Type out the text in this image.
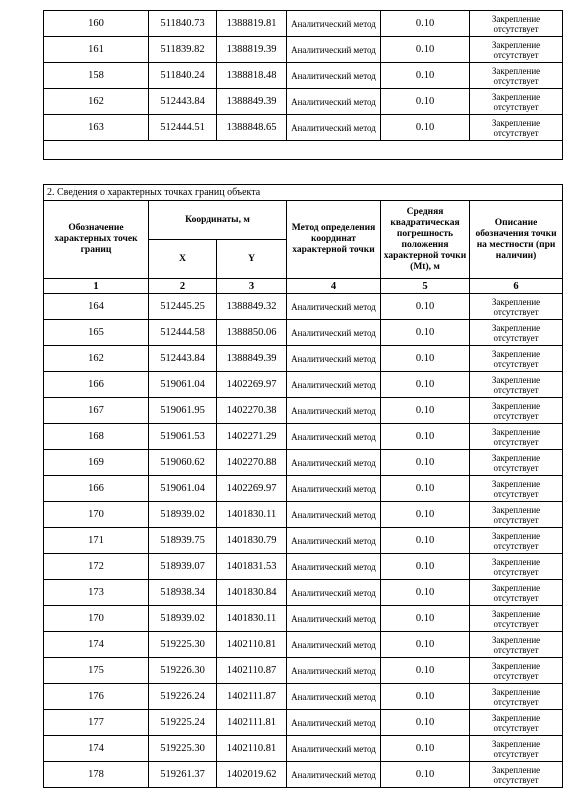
160	511840.73	1388819.81	Аналитический метод	0.10	Закрепление отсутствует
161	511839.82	1388819.39	Аналитический метод	0.10	Закрепление отсутствует
158	511840.24	1388818.48	Аналитический метод	0.10	Закрепление отсутствует
162	512443.84	1388849.39	Аналитический метод	0.10	Закрепление отсутствует
163	512444.51	1388848.65	Аналитический метод	0.10	Закрепление отсутствует

2. Сведения о характерных точках границ объекта					
Обозначение характерных точек границ	Координаты, м		Метод определения координат характерной точки	Средняя квадратическая погрешность положения характерной точки (Mt), м	Описание обозначения точки на местности (при наличии)
	X	Y			
1	2	3	4	5	6
164	512445.25	1388849.32	Аналитический метод	0.10	Закрепление отсутствует
165	512444.58	1388850.06	Аналитический метод	0.10	Закрепление отсутствует
162	512443.84	1388849.39	Аналитический метод	0.10	Закрепление отсутствует
166	519061.04	1402269.97	Аналитический метод	0.10	Закрепление отсутствует
167	519061.95	1402270.38	Аналитический метод	0.10	Закрепление отсутствует
168	519061.53	1402271.29	Аналитический метод	0.10	Закрепление отсутствует
169	519060.62	1402270.88	Аналитический метод	0.10	Закрепление отсутствует
166	519061.04	1402269.97	Аналитический метод	0.10	Закрепление отсутствует
170	518939.02	1401830.11	Аналитический метод	0.10	Закрепление отсутствует
171	518939.75	1401830.79	Аналитический метод	0.10	Закрепление отсутствует
172	518939.07	1401831.53	Аналитический метод	0.10	Закрепление отсутствует
173	518938.34	1401830.84	Аналитический метод	0.10	Закрепление отсутствует
170	518939.02	1401830.11	Аналитический метод	0.10	Закрепление отсутствует
174	519225.30	1402110.81	Аналитический метод	0.10	Закрепление отсутствует
175	519226.30	1402110.87	Аналитический метод	0.10	Закрепление отсутствует
176	519226.24	1402111.87	Аналитический метод	0.10	Закрепление отсутствует
177	519225.24	1402111.81	Аналитический метод	0.10	Закрепление отсутствует
174	519225.30	1402110.81	Аналитический метод	0.10	Закрепление отсутствует
178	519261.37	1402019.62	Аналитический метод	0.10	Закрепление отсутствует
